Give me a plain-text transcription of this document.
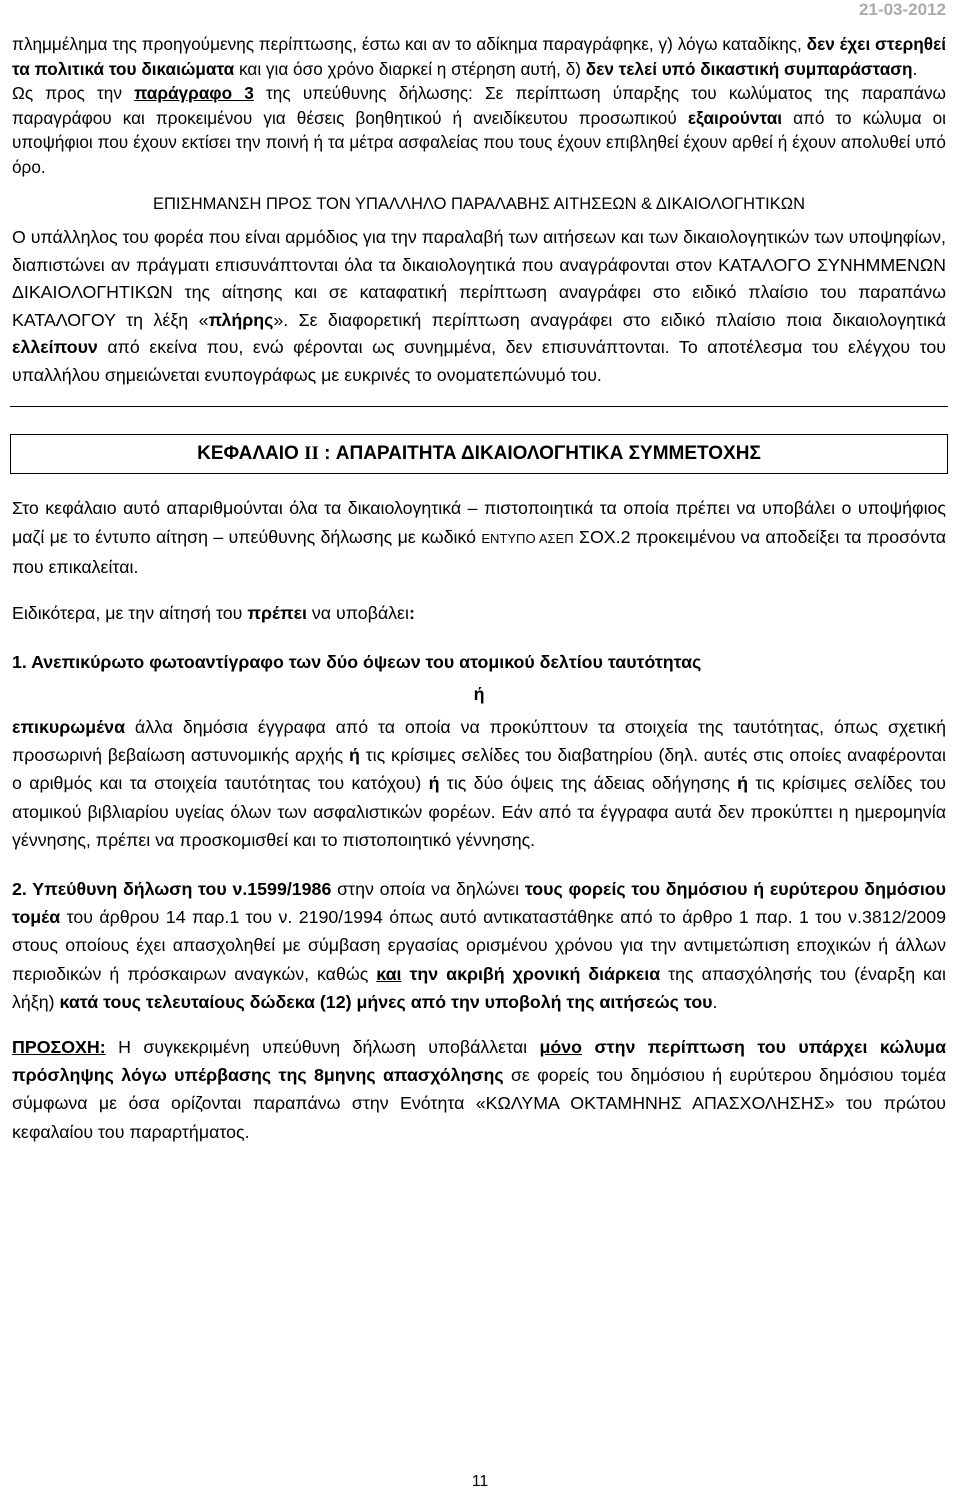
21-03-2012

πλημμέλημα της προηγούμενης περίπτωσης, έστω και αν το αδίκημα παραγράφηκε, γ) λόγω καταδίκης, δεν έχει στερηθεί τα πολιτικά του δικαιώματα και για όσο χρόνο διαρκεί η στέρηση αυτή, δ) δεν τελεί υπό δικαστική συμπαράσταση.

Ως προς την παράγραφο 3 της υπεύθυνης δήλωσης: Σε περίπτωση ύπαρξης του κωλύματος της παραπάνω παραγράφου και προκειμένου για θέσεις βοηθητικού ή ανειδίκευτου προσωπικού εξαιρούνται από το κώλυμα οι υποψήφιοι που έχουν εκτίσει την ποινή ή τα μέτρα ασφαλείας που τους έχουν επιβληθεί έχουν αρθεί ή έχουν απολυθεί υπό όρο.

ΕΠΙΣΗΜΑΝΣΗ ΠΡΟΣ ΤΟΝ ΥΠΑΛΛΗΛΟ ΠΑΡΑΛΑΒΗΣ ΑΙΤΗΣΕΩΝ & ΔΙΚΑΙΟΛΟΓΗΤΙΚΩΝ

Ο υπάλληλος του φορέα που είναι αρμόδιος για την παραλαβή των αιτήσεων και των δικαιολογητικών των υποψηφίων, διαπιστώνει αν πράγματι επισυνάπτονται όλα τα δικαιολογητικά που αναγράφονται στον ΚΑΤΑΛΟΓΟ ΣΥΝΗΜΜΕΝΩΝ ΔΙΚΑΙΟΛΟΓΗΤΙΚΩΝ της αίτησης και σε καταφατική περίπτωση αναγράφει στο ειδικό πλαίσιο του παραπάνω ΚΑΤΑΛΟΓΟΥ τη λέξη «πλήρης». Σε διαφορετική περίπτωση αναγράφει στο ειδικό πλαίσιο ποια δικαιολογητικά ελλείπουν από εκείνα που, ενώ φέρονται ως συνημμένα, δεν επισυνάπτονται. Το αποτέλεσμα του ελέγχου του υπαλλήλου σημειώνεται ενυπογράφως με ευκρινές το ονοματεπώνυμό του.

ΚΕΦΑΛΑΙΟ II : ΑΠΑΡΑΙΤΗΤΑ ΔΙΚΑΙΟΛΟΓΗΤΙΚΑ ΣΥΜΜΕΤΟΧΗΣ

Στο κεφάλαιο αυτό απαριθμούνται όλα τα δικαιολογητικά – πιστοποιητικά τα οποία πρέπει να υποβάλει ο υποψήφιος μαζί με το έντυπο αίτηση – υπεύθυνης δήλωσης με κωδικό ΕΝΤΥΠΟ ΑΣΕΠ ΣΟΧ.2 προκειμένου να αποδείξει τα προσόντα που επικαλείται.

Ειδικότερα, με την αίτησή του πρέπει να υποβάλει:

1. Ανεπικύρωτο φωτοαντίγραφο των δύο όψεων του ατομικού δελτίου ταυτότητας

ή

επικυρωμένα άλλα δημόσια έγγραφα από τα οποία να προκύπτουν τα στοιχεία της ταυτότητας, όπως σχετική προσωρινή βεβαίωση αστυνομικής αρχής ή τις κρίσιμες σελίδες του διαβατηρίου (δηλ. αυτές στις οποίες αναφέρονται ο αριθμός και τα στοιχεία ταυτότητας του κατόχου) ή τις δύο όψεις της άδειας οδήγησης ή τις κρίσιμες σελίδες του ατομικού βιβλιαρίου υγείας όλων των ασφαλιστικών φορέων. Εάν από τα έγγραφα αυτά δεν προκύπτει η ημερομηνία γέννησης, πρέπει να προσκομισθεί και το πιστοποιητικό γέννησης.

2. Υπεύθυνη δήλωση του ν.1599/1986 στην οποία να δηλώνει τους φορείς του δημόσιου ή ευρύτερου δημόσιου τομέα του άρθρου 14 παρ.1 του ν. 2190/1994 όπως αυτό αντικαταστάθηκε από το άρθρο 1 παρ. 1 του ν.3812/2009 στους οποίους έχει απασχοληθεί με σύμβαση εργασίας ορισμένου χρόνου για την αντιμετώπιση εποχικών ή άλλων περιοδικών ή πρόσκαιρων αναγκών, καθώς και την ακριβή χρονική διάρκεια της απασχόλησής του (έναρξη και λήξη) κατά τους τελευταίους δώδεκα (12) μήνες από την υποβολή της αιτήσεώς του.

ΠΡΟΣΟΧΗ: Η συγκεκριμένη υπεύθυνη δήλωση υποβάλλεται μόνο στην περίπτωση του υπάρχει κώλυμα πρόσληψης λόγω υπέρβασης της 8μηνης απασχόλησης σε φορείς του δημόσιου ή ευρύτερου δημόσιου τομέα σύμφωνα με όσα ορίζονται παραπάνω στην Ενότητα «ΚΩΛΥΜΑ ΟΚΤΑΜΗΝΗΣ ΑΠΑΣΧΟΛΗΣΗΣ» του πρώτου κεφαλαίου του παραρτήματος.

11
